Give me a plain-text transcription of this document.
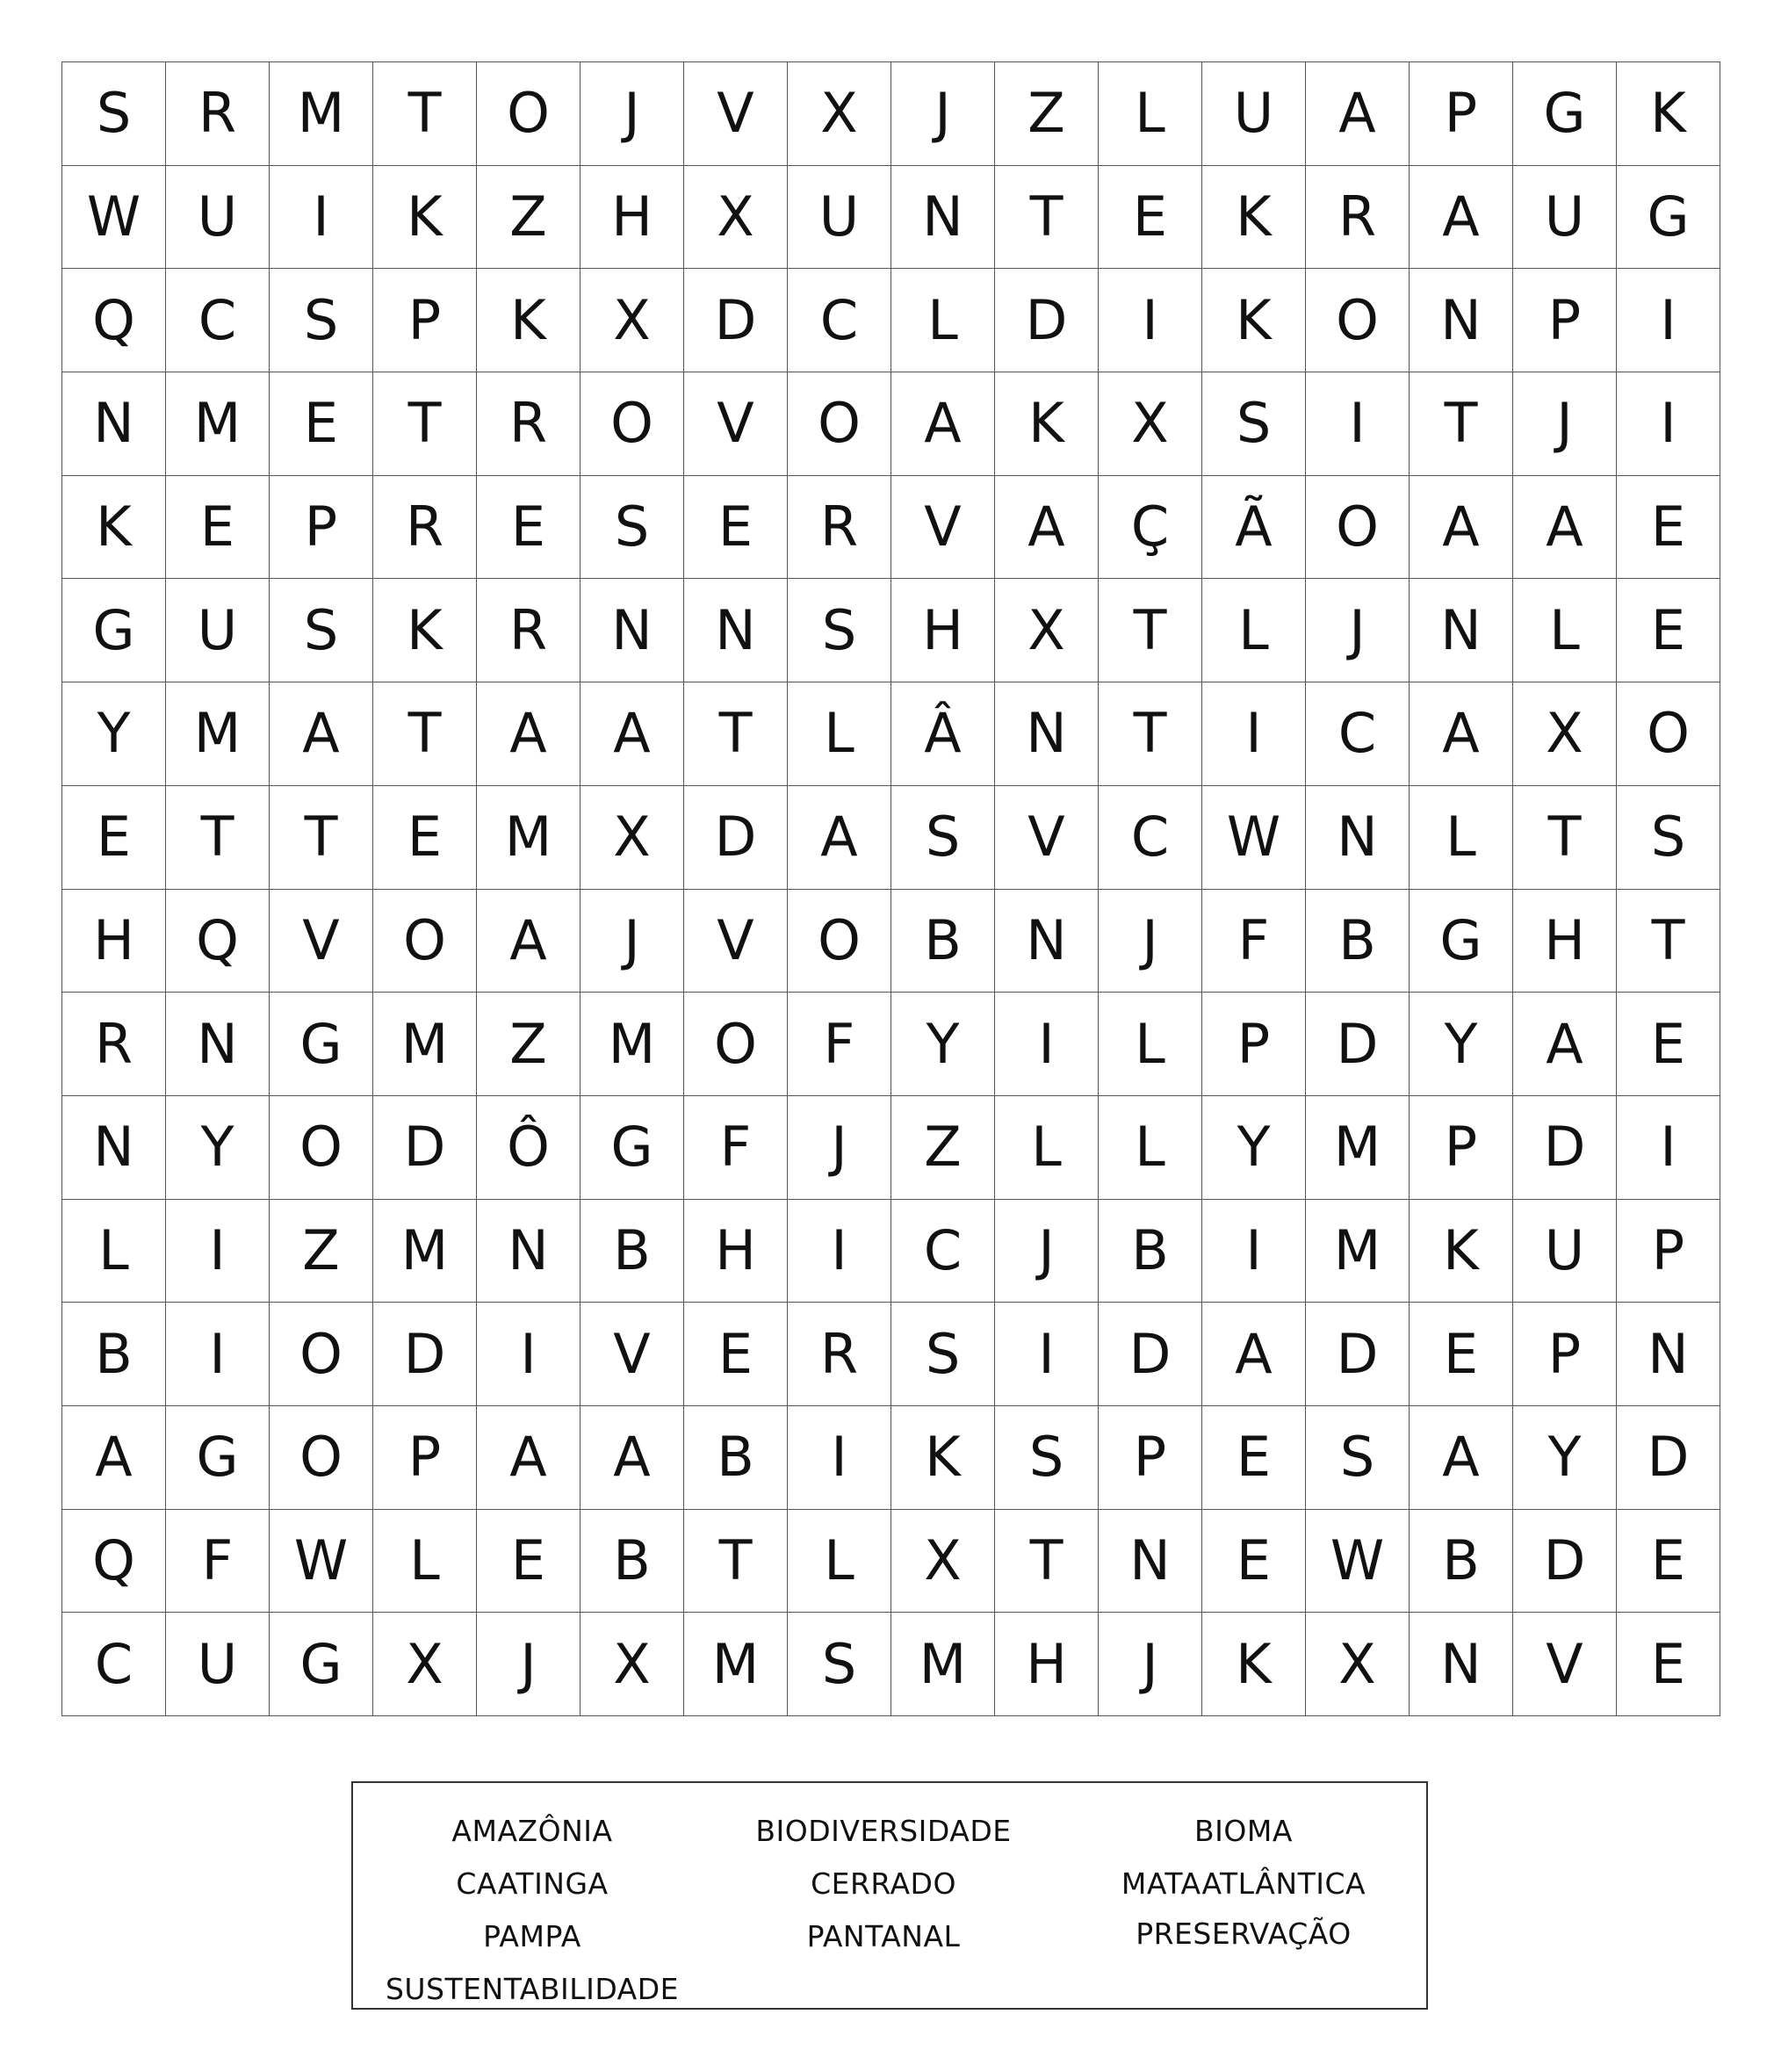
S	R	M	T	O	J	V	X	J	Z	L	U	A	P	G	K
W	U	I	K	Z	H	X	U	N	T	E	K	R	A	U	G
Q	C	S	P	K	X	D	C	L	D	I	K	O	N	P	I
N	M	E	T	R	O	V	O	A	K	X	S	I	T	J	I
K	E	P	R	E	S	E	R	V	A	Ç	Ã	O	A	A	E
G	U	S	K	R	N	N	S	H	X	T	L	J	N	L	E
Y	M	A	T	A	A	T	L	Â	N	T	I	C	A	X	O
E	T	T	E	M	X	D	A	S	V	C	W	N	L	T	S
H	Q	V	O	A	J	V	O	B	N	J	F	B	G	H	T
R	N	G	M	Z	M	O	F	Y	I	L	P	D	Y	A	E
N	Y	O	D	Ô	G	F	J	Z	L	L	Y	M	P	D	I
L	I	Z	M	N	B	H	I	C	J	B	I	M	K	U	P
B	I	O	D	I	V	E	R	S	I	D	A	D	E	P	N
A	G	O	P	A	A	B	I	K	S	P	E	S	A	Y	D
Q	F	W	L	E	B	T	L	X	T	N	E	W	B	D	E
C	U	G	X	J	X	M	S	M	H	J	K	X	N	V	E
AMAZÔNIA	BIODIVERSIDADE	BIOMA
CAATINGA	CERRADO	MATAATLÂNTICA
PAMPA	PANTANAL	PRESERVAÇÃO
SUSTENTABILIDADE
